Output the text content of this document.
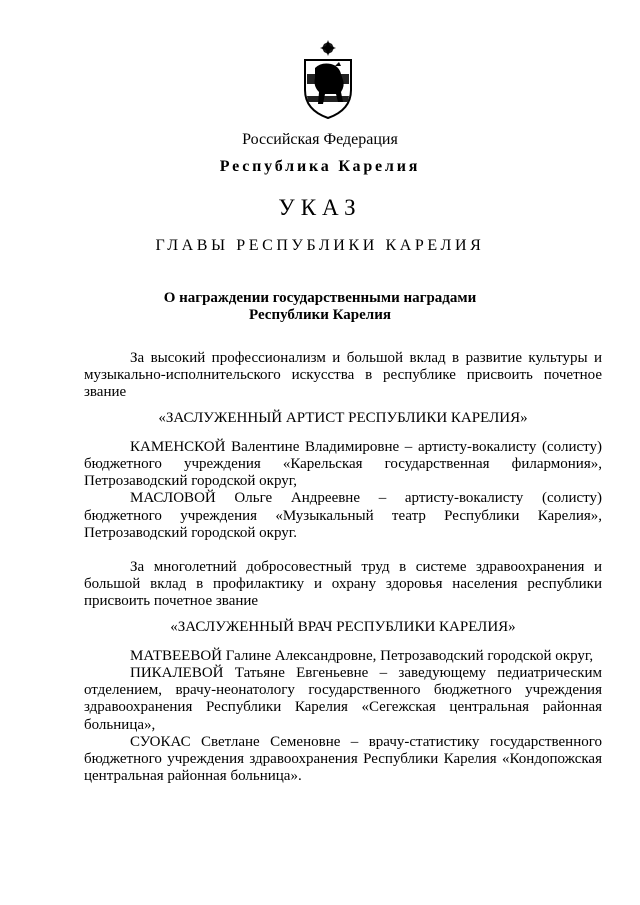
Российская Федерация
Республика Карелия
УКАЗ
ГЛАВЫ РЕСПУБЛИКИ КАРЕЛИЯ
О награждении государственными наградами
Республики Карелия

За высокий профессионализм и большой вклад в развитие культуры и музыкально-исполнительского искусства в республике присвоить почетное звание

«ЗАСЛУЖЕННЫЙ АРТИСТ РЕСПУБЛИКИ КАРЕЛИЯ»

КАМЕНСКОЙ Валентине Владимировне – артисту-вокалисту (солисту) бюджетного учреждения «Карельская государственная филармония», Петрозаводский городской округ,

МАСЛОВОЙ Ольге Андреевне – артисту-вокалисту (солисту) бюджетного учреждения «Музыкальный театр Республики Карелия», Петрозаводский городской округ.

За многолетний добросовестный труд в системе здравоохранения и большой вклад в профилактику и охрану здоровья населения республики присвоить почетное звание

«ЗАСЛУЖЕННЫЙ ВРАЧ РЕСПУБЛИКИ КАРЕЛИЯ»

МАТВЕЕВОЙ Галине Александровне, Петрозаводский городской округ,

ПИКАЛЕВОЙ Татьяне Евгеньевне – заведующему педиатрическим отделением, врачу-неонатологу государственного бюджетного учреждения здравоохранения Республики Карелия «Сегежская центральная районная больница»,

СУОКАС Светлане Семеновне – врачу-статистику государственного бюджетного учреждения здравоохранения Республики Карелия «Кондопожская центральная районная больница».
